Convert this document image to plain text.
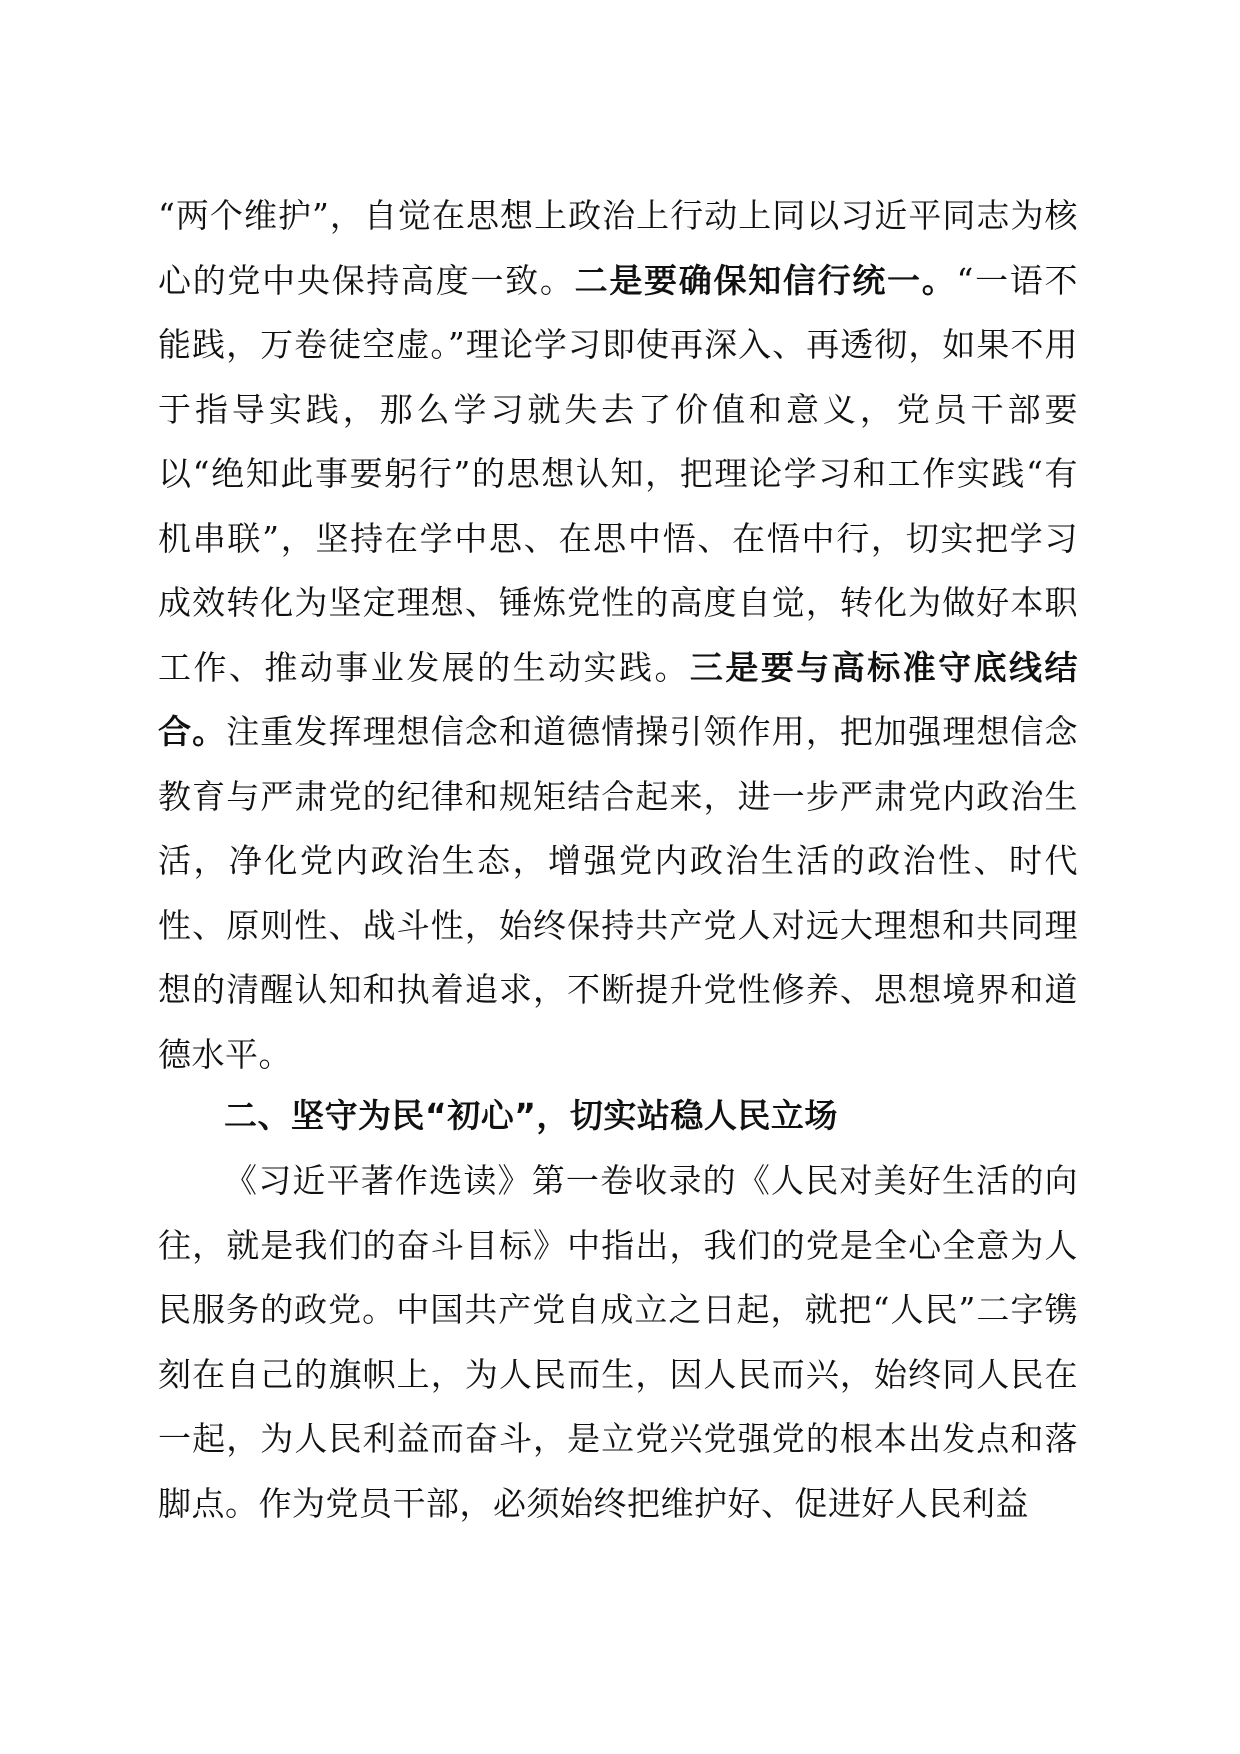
“两个维护”，自觉在思想上政治上行动上同以习近平同志为核心的党中央保持高度一致。二是要确保知信行统一。“一语不能践，万卷徒空虚。”理论学习即使再深入、再透彻，如果不用于指导实践，那么学习就失去了价值和意义，党员干部要以“绝知此事要躬行”的思想认知，把理论学习和工作实践“有机串联”，坚持在学中思、在思中悟、在悟中行，切实把学习成效转化为坚定理想、锤炼党性的高度自觉，转化为做好本职工作、推动事业发展的生动实践。三是要与高标准守底线结合。注重发挥理想信念和道德情操引领作用，把加强理想信念教育与严肃党的纪律和规矩结合起来，进一步严肃党内政治生活，净化党内政治生态，增强党内政治生活的政治性、时代性、原则性、战斗性，始终保持共产党人对远大理想和共同理想的清醒认知和执着追求，不断提升党性修养、思想境界和道德水平。
二、坚守为民“初心”，切实站稳人民立场
《习近平著作选读》第一卷收录的《人民对美好生活的向往，就是我们的奋斗目标》中指出，我们的党是全心全意为人民服务的政党。中国共产党自成立之日起，就把“人民”二字镌刻在自己的旗帜上，为人民而生，因人民而兴，始终同人民在一起，为人民利益而奋斗，是立党兴党强党的根本出发点和落脚点。作为党员干部，必须始终把维护好、促进好人民利益
